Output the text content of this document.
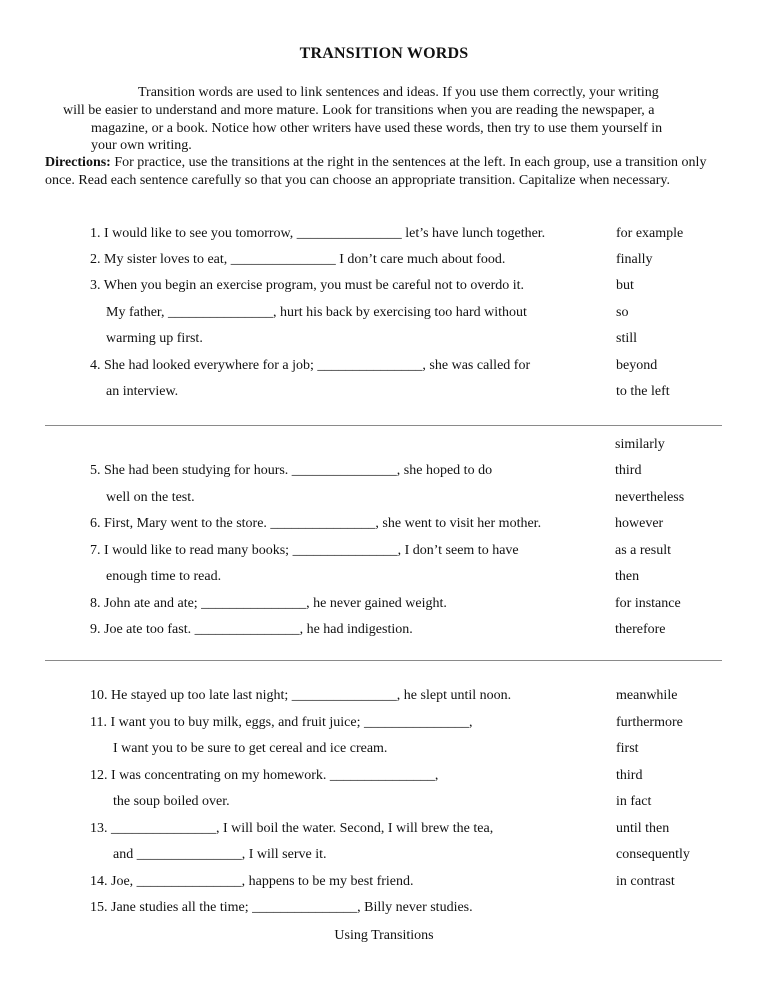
TRANSITION WORDS
Transition words are used to link sentences and ideas. If you use them correctly, your writing
will be easier to understand and more mature. Look for transitions when you are reading the newspaper, a
magazine, or a book. Notice how other writers have used these words, then try to use them yourself in
your own writing.
Directions: For practice, use the transitions at the right in the sentences at the left. In each group, use a transition only once. Read each sentence carefully so that you can choose an appropriate transition. Capitalize when necessary.
1. I would like to see you tomorrow, _______________ let’s have lunch together.	for example
2. My sister loves to eat, _______________ I don’t care much about food.	finally
3. When you begin an exercise program, you must be careful not to overdo it.	but
My father, _______________, hurt his back by exercising too hard without	so
warming up first.	still
4. She had looked everywhere for a job; _______________, she was called for	beyond
an interview.	to the left
similarly
5. She had been studying for hours. _______________, she hoped to do	third
well on the test.	nevertheless
6. First, Mary went to the store. _______________, she went to visit her mother.	however
7. I would like to read many books; _______________, I don’t seem to have	as a result
enough time to read.	then
8. John ate and ate; _______________, he never gained weight.	for instance
9. Joe ate too fast. _______________, he had indigestion.	therefore
10. He stayed up too late last night; _______________, he slept until noon.	meanwhile
11. I want you to buy milk, eggs, and fruit juice; _______________,	furthermore
I want you to be sure to get cereal and ice cream.	first
12. I was concentrating on my homework. _______________,	third
the soup boiled over.	in fact
13. _______________, I will boil the water. Second, I will brew the tea,	until then
and _______________, I will serve it.	consequently
14. Joe, _______________, happens to be my best friend.	in contrast
15. Jane studies all the time; _______________, Billy never studies.
Using Transitions
